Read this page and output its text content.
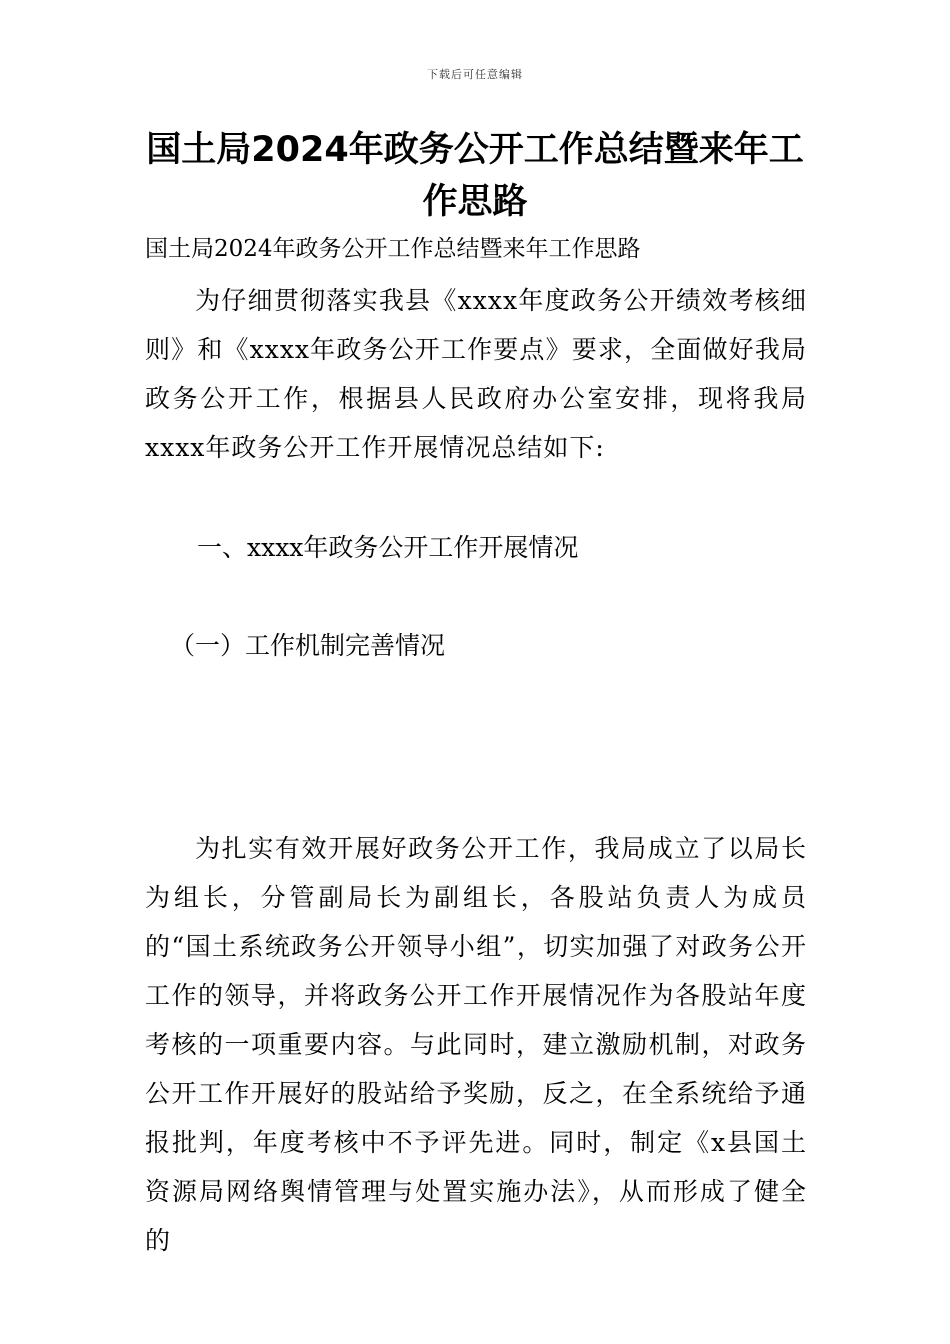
下载后可任意编辑
国土局2024年政务公开工作总结暨来年工作思路
国土局2024年政务公开工作总结暨来年工作思路

为仔细贯彻落实我县《xxxx年度政务公开绩效考核细则》和《xxxx年政务公开工作要点》要求，全面做好我局政务公开工作，根据县人民政府办公室安排，现将我局xxxx年政务公开工作开展情况总结如下:

一、xxxx年政务公开工作开展情况
（一）工作机制完善情况

为扎实有效开展好政务公开工作，我局成立了以局长为组长，分管副局长为副组长，各股站负责人为成员的“国土系统政务公开领导小组”，切实加强了对政务公开工作的领导，并将政务公开工作开展情况作为各股站年度考核的一项重要内容。与此同时，建立激励机制，对政务公开工作开展好的股站给予奖励，反之，在全系统给予通报批判，年度考核中不予评先进。同时，制定《x县国土资源局网络舆情管理与处置实施办法》，从而形成了健全的
